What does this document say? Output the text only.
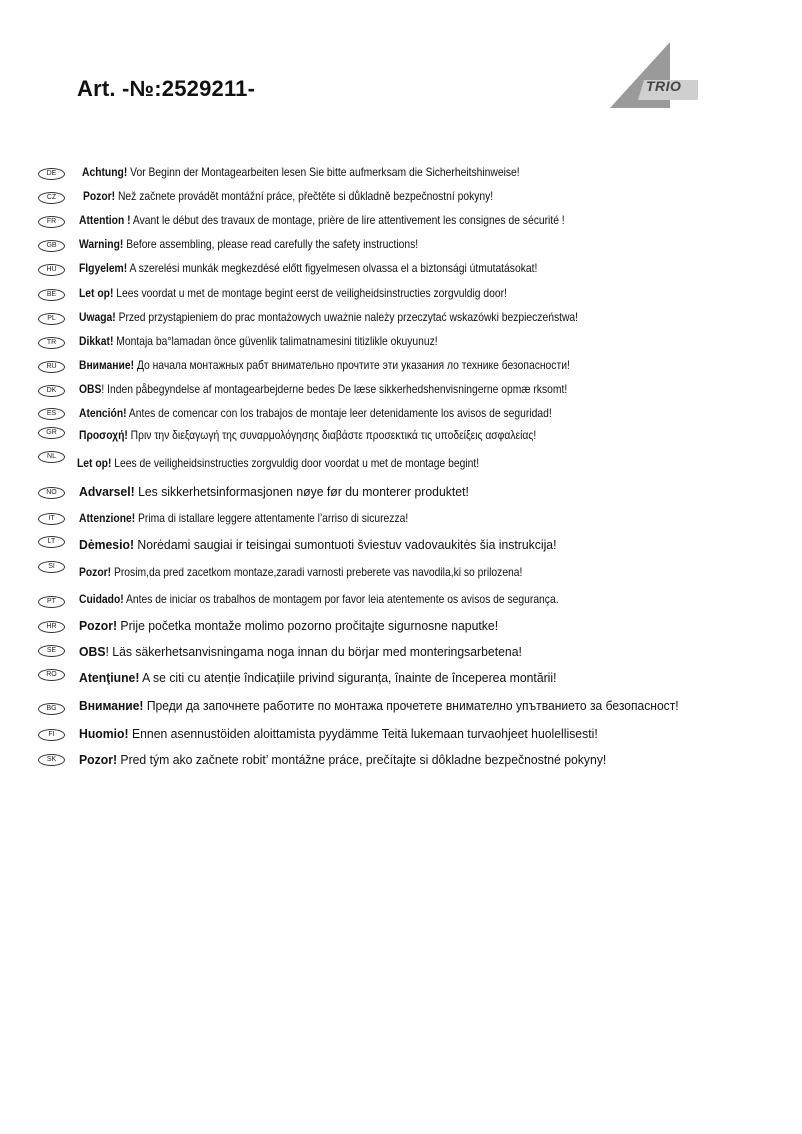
Art. -№:2529211-	TRIO
DE	Achtung! Vor Beginn der Montagearbeiten lesen Sie bitte aufmerksam die Sicherheitshinweise!
CZ	Pozor! Než začnete provádět montážní práce, přečtěte si důkladně bezpečnostní pokyny!
FR	Attention ! Avant le début des travaux de montage, prière de lire attentivement les consignes de sécurité !
GB	Warning! Before assembling, please read carefully the safety instructions!
HU	FIgyelem! A szerelési munkák megkezdésé előtt figyelmesen olvassa el a biztonsági útmutatásokat!
BE	Let op! Lees voordat u met de montage begint eerst de veiligheidsinstructies zorgvuldig door!
PL	Uwaga! Przed przystąpieniem do prac montażowych uważnie należy przeczytać wskazówki bezpieczeństwa!
TR	Dikkat! Montaja ba°lamadan önce güvenlik talimatnamesini titizlikle okuyunuz!
RU	Внимание! До начала монтажных рабт внимательно прочтите эти указания ло технике безопасности!
DK	OBS! Inden påbegyndelse af montagearbejderne bedes De læse sikkerhedshenvisningerne opmæ rksomt!
ES	Atención! Antes de comencar con los trabajos de montaje leer detenidamente los avisos de seguridad!
GR	Προσοχή! Πριν την διεξαγωγή της συναρμολόγησης διαβάστε προσεκτικά τις υποδείξεις ασφαλείας!
NL	Let op! Lees de veiligheidsinstructies zorgvuldig door voordat u met de montage begint!
NO	Advarsel! Les sikkerhetsinformasjonen nøye før du monterer produktet!
IT	Attenzione! Prima di istallare leggere attentamente l’arriso di sicurezza!
LT	Dėmesio! Norėdami saugiai ir teisingai sumontuoti šviestuv vadovaukitės šia instrukcija!
SI	Pozor! Prosim,da pred zacetkom montaze,zaradi varnosti preberete vas navodila,ki so prilozena!
PT	Cuidado! Antes de iniciar os trabalhos de montagem por favor leia atentemente os avisos de segurança.
HR	Pozor! Prije početka montaže molimo pozorno pročitajte sigurnosne naputke!
SE	OBS! Läs säkerhetsanvisningama noga innan du börjar med monteringsarbetena!
RO	Atenţiune! A se citi cu atenție îndicațiile privind siguranța, înainte de începerea montării!
BG	Внимание! Преди да започнете работите по монтажа прочетете внимателно упътванието за безопасност!
FI	Huomio! Ennen asennustöiden aloittamista pyydämme Teitä lukemaan turvaohjeet huolellisesti!
SK	Pozor! Pred tým ako začnete robit’ montážne práce, prečítajte si dôkladne bezpečnostné pokyny!
